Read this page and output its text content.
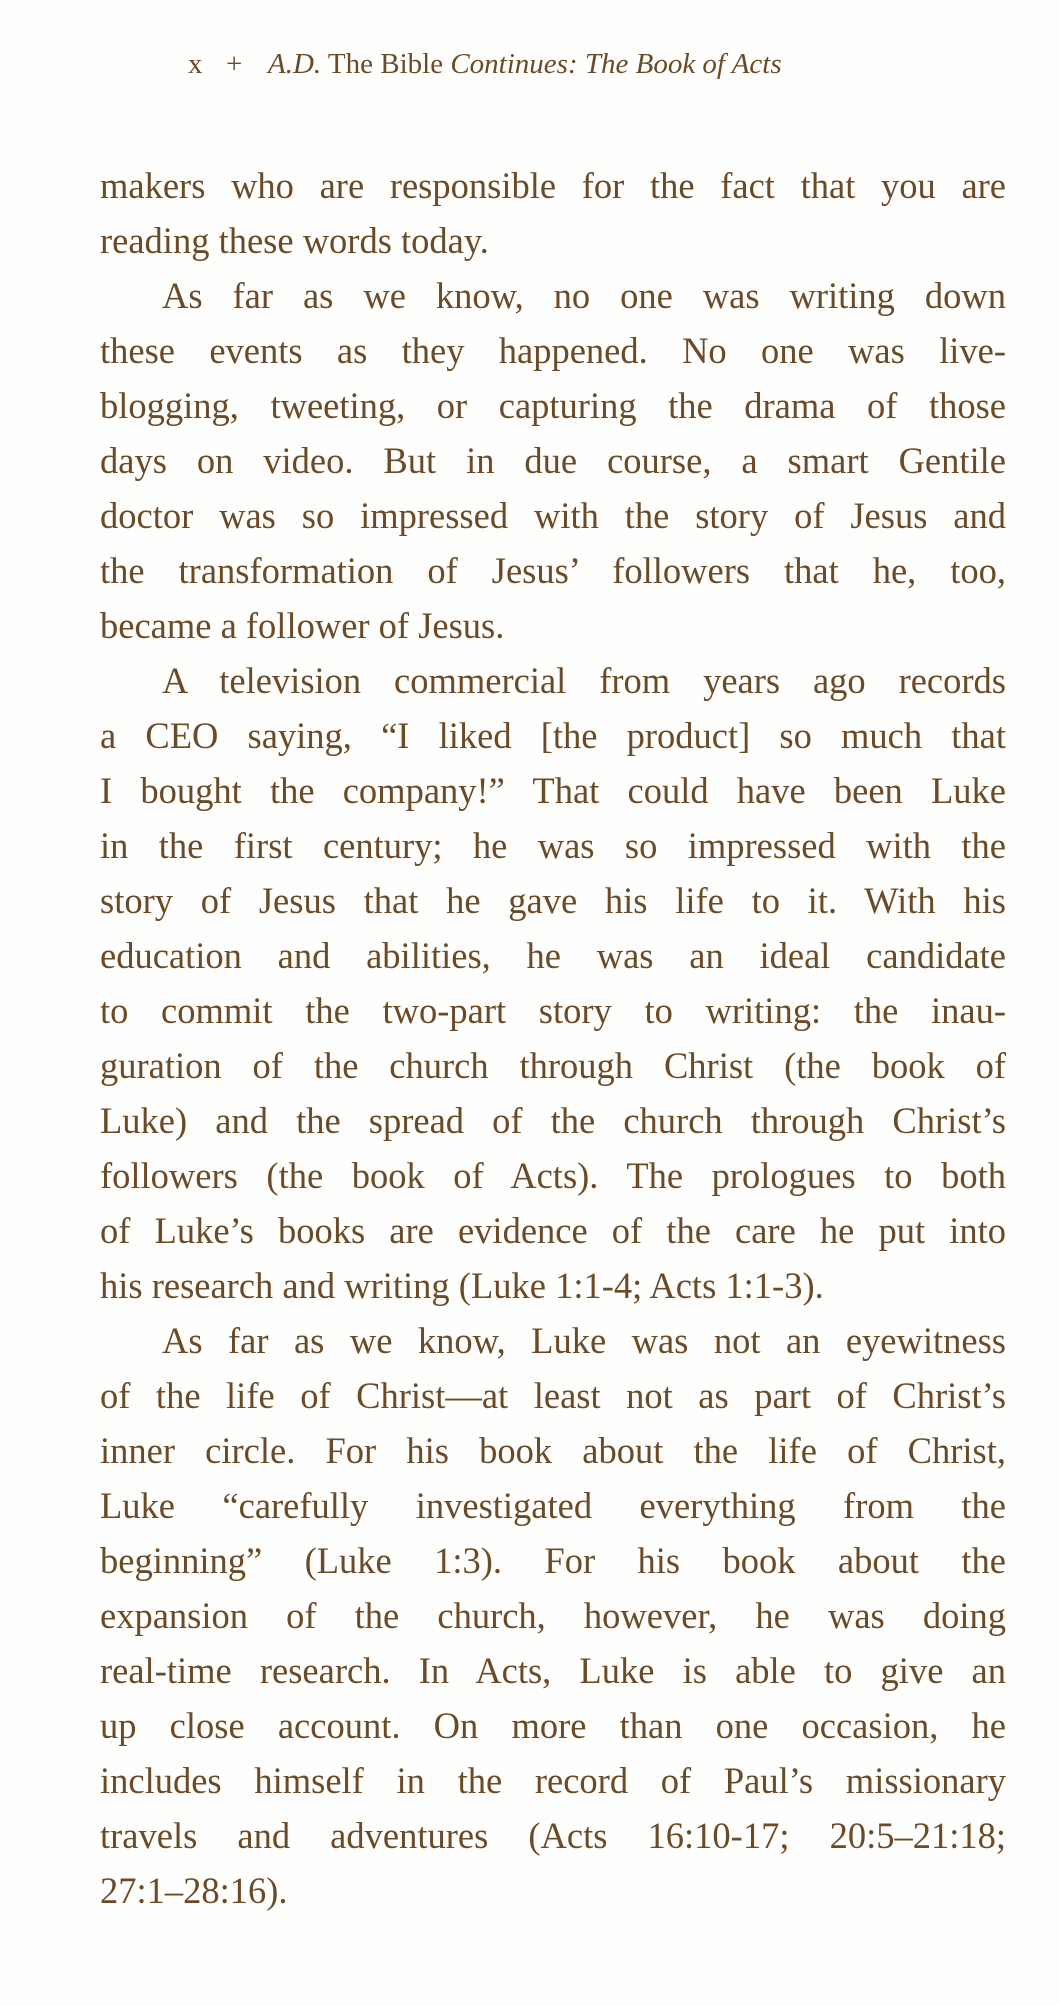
x + A.D. The Bible Continues: The Book of Acts
makers who are responsible for the fact that you are
reading these words today.
As far as we know, no one was writing down
these events as they happened. No one was live-
blogging, tweeting, or capturing the drama of those
days on video. But in due course, a smart Gentile
doctor was so impressed with the story of Jesus and
the transformation of Jesus’ followers that he, too,
became a follower of Jesus.
A television commercial from years ago records
a CEO saying, “I liked [the product] so much that
I bought the company!” That could have been Luke
in the first century; he was so impressed with the
story of Jesus that he gave his life to it. With his
education and abilities, he was an ideal candidate
to commit the two-part story to writing: the inau-
guration of the church through Christ (the book of
Luke) and the spread of the church through Christ’s
followers (the book of Acts). The prologues to both
of Luke’s books are evidence of the care he put into
his research and writing (Luke 1:1-4; Acts 1:1-3).
As far as we know, Luke was not an eyewitness
of the life of Christ—at least not as part of Christ’s
inner circle. For his book about the life of Christ,
Luke “carefully investigated everything from the
beginning” (Luke 1:3). For his book about the
expansion of the church, however, he was doing
real-time research. In Acts, Luke is able to give an
up close account. On more than one occasion, he
includes himself in the record of Paul’s missionary
travels and adventures (Acts 16:10-17; 20:5–21:18;
27:1–28:16).
